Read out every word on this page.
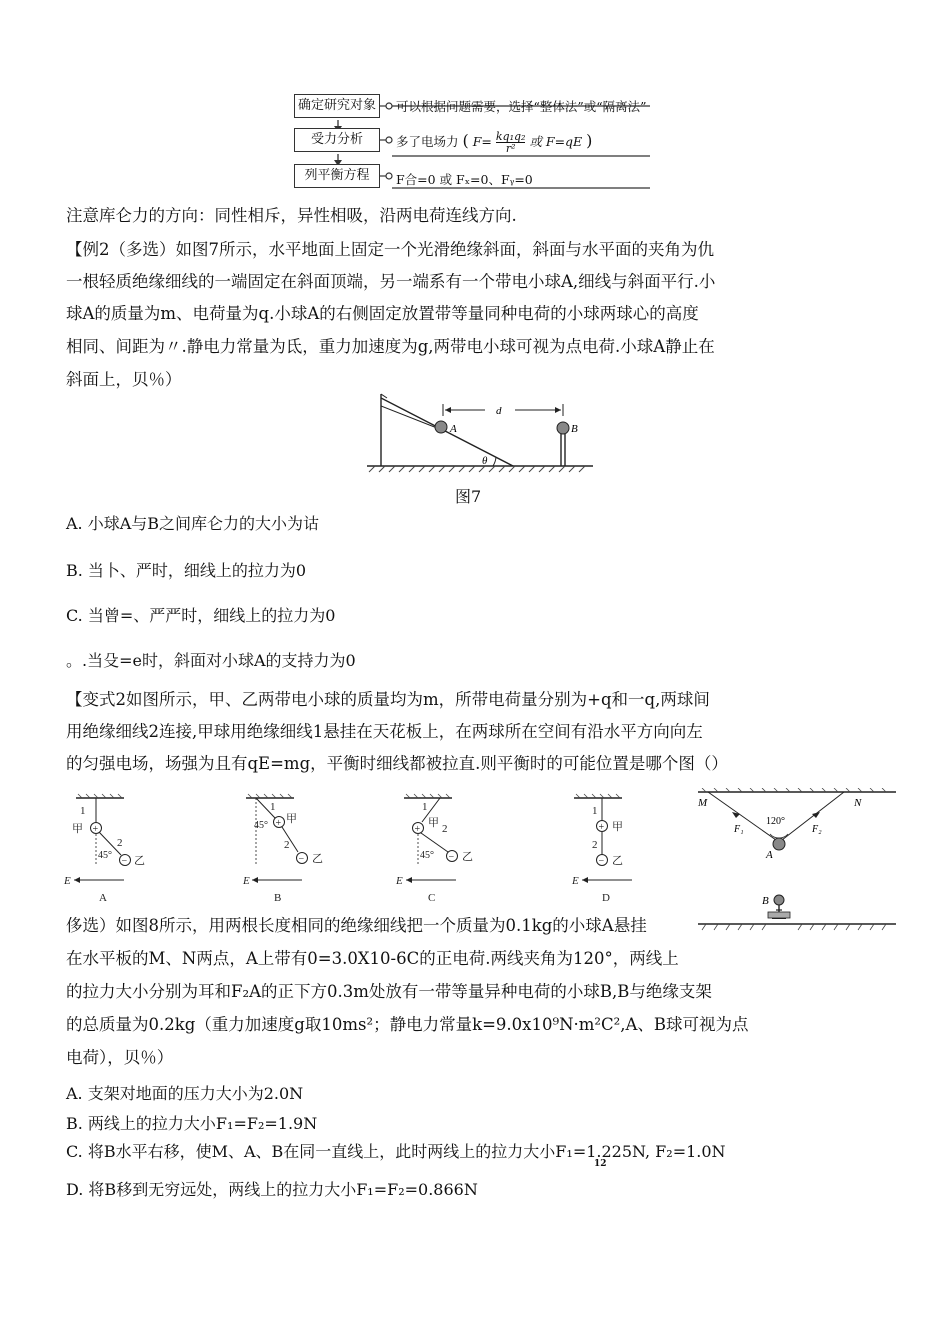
确定研究对象
受力分析
列平衡方程
可以根据问题需要，选择“整体法”或“隔离法”
多了电场力 ( $F= \frac{\text{kq₁q₂}}{\text{r²}}$ 或 F=qE )
F合=0 或 Fₓ=0、Fᵧ=0
注意库仑力的方向：同性相斥，异性相吸，沿两电荷连线方向.
【例2（多选）如图7所示，水平地面上固定一个光滑绝缘斜面，斜面与水平面的夹角为仇
一根轻质绝缘细线的一端固定在斜面顶端，另一端系有一个带电小球A,细线与斜面平行.小
球A的质量为m、电荷量为q.小球A的右侧固定放置带等量同种电荷的小球两球心的高度
相同、间距为〃.静电力常量为氐，重力加速度为g,两带电小球可视为点电荷.小球A静止在
斜面上，贝％）
θ
A	B
d
图7
A. 小球A与B之间库仑力的大小为诂
B. 当卜、严时，细线上的拉力为0
C. 当曾=、严严时，细线上的拉力为0
。.当殳=e时，斜面对小球A的支持力为0
【变式2如图所示，甲、乙两带电小球的质量均为m，所带电荷量分别为+q和一q,两球间
用绝缘细线2连接,甲球用绝缘细线1悬挂在天花板上，在两球所在空间有沿水平方向向左
的匀强电场，场强为且有qE=mg，平衡时细线都被拉直.则平衡时的可能位置是哪个图（）
+
−
1
甲
2
45° 乙
E
A
+
−
1
45°
甲
2
乙
E
B
+
−
1
甲 2
45°	乙
E
C
+
−
1
甲
2
乙
E
D
M	N
120°
F₁	F₂
A
B
侈选）如图8所示，用两根长度相同的绝缘细线把一个质量为0.1kg的小球A悬挂
在水平板的M、N两点，A上带有0=3.0X10-6C的正电荷.两线夹角为120°，两线上
的拉力大小分别为耳和F₂A的正下方0.3m处放有一带等量异种电荷的小球B,B与绝缘支架
的总质量为0.2kg（重力加速度g取10ms²；静电力常量k=9.0x10⁹N·m²C²,A、B球可视为点
电荷），贝％）
A. 支架对地面的压力大小为2.0N
B. 两线上的拉力大小F₁=F₂=1.9N
C. 将B水平右移，使M、A、B在同一直线上，此时两线上的拉力大小F₁=1.225N, F₂=1.0N
12
D. 将B移到无穷远处，两线上的拉力大小F₁=F₂=0.866N
